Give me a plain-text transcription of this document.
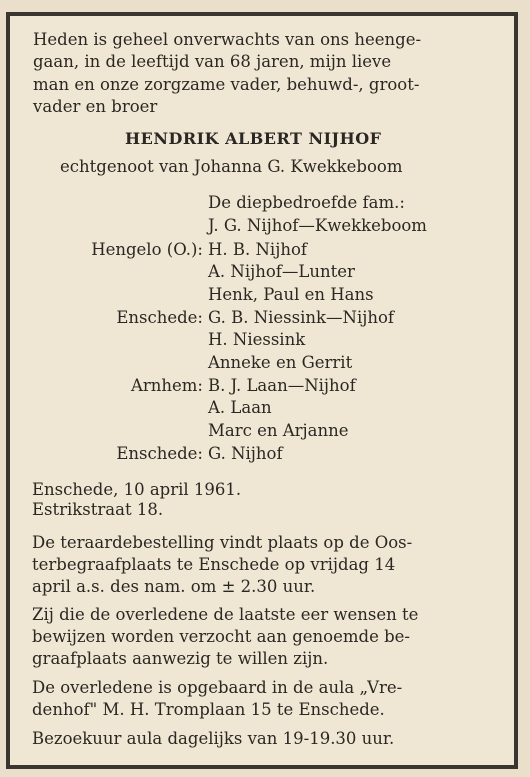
Heden is geheel onverwachts van ons heenge-
gaan, in de leeftijd van 68 jaren, mijn lieve
man en onze zorgzame vader, behuwd-, groot-
vader en broer
HENDRIK ALBERT NIJHOF
echtgenoot van Johanna G. Kwekkeboom
De diepbedroefde fam.:
J. G. Nijhof—Kwekkeboom
Hengelo (O.): H. B. Nijhof
A. Nijhof—Lunter
Henk, Paul en Hans
Enschede: G. B. Niessink—Nijhof
H. Niessink
Anneke en Gerrit
Arnhem: B. J. Laan—Nijhof
A. Laan
Marc en Arjanne
Enschede: G. Nijhof
Enschede, 10 april 1961.
Estrikstraat 18.
De teraardebestelling vindt plaats op de Oos-
terbegraafplaats te Enschede op vrijdag 14
april a.s. des nam. om ± 2.30 uur.
Zij die de overledene de laatste eer wensen te
bewijzen worden verzocht aan genoemde be-
graafplaats aanwezig te willen zijn.
De overledene is opgebaard in de aula „Vre-
denhof" M. H. Tromplaan 15 te Enschede.
Bezoekuur aula dagelijks van 19-19.30 uur.
